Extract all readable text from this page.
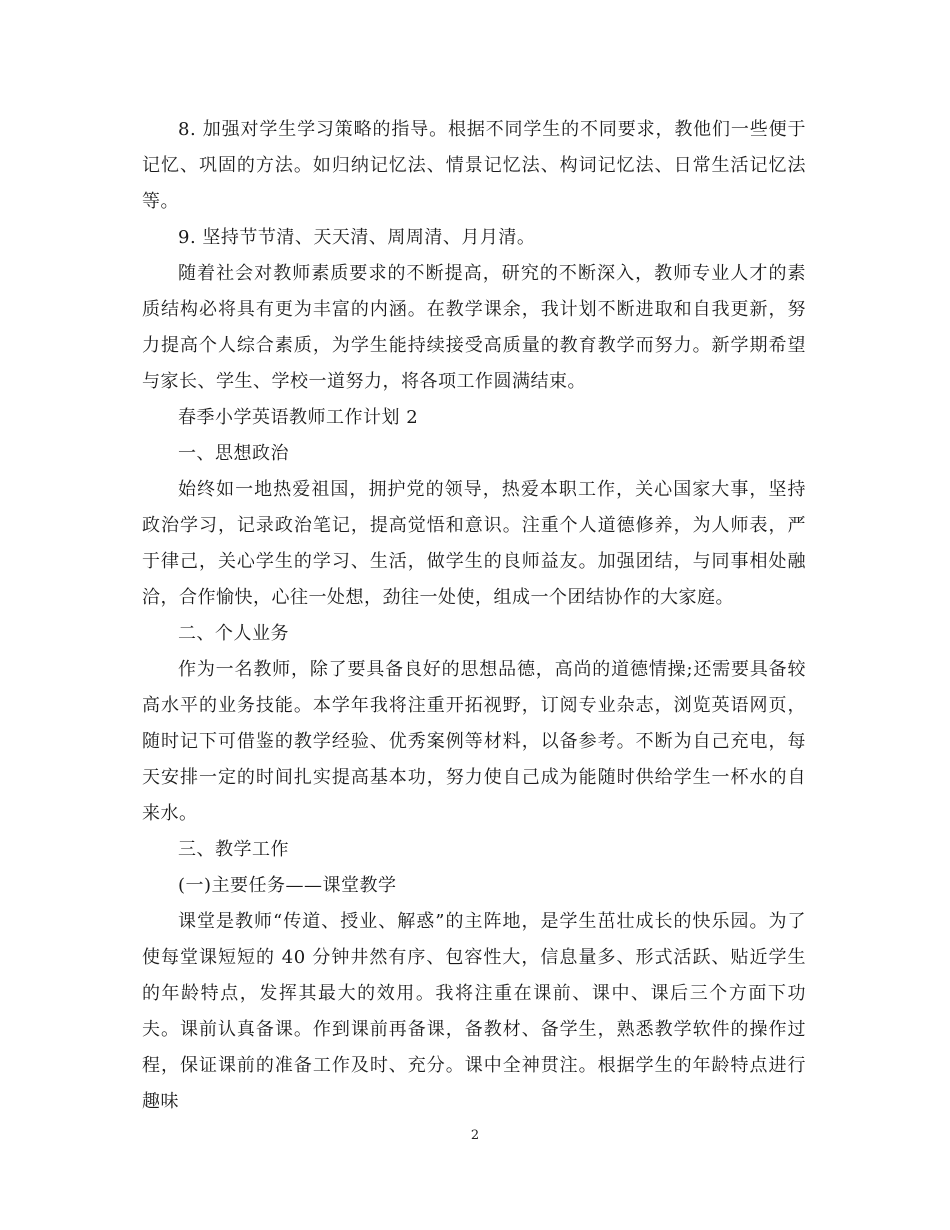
8. 加强对学生学习策略的指导。根据不同学生的不同要求，教他们一些便于记忆、巩固的方法。如归纳记忆法、情景记忆法、构词记忆法、日常生活记忆法等。

9. 坚持节节清、天天清、周周清、月月清。

随着社会对教师素质要求的不断提高，研究的不断深入，教师专业人才的素质结构必将具有更为丰富的内涵。在教学课余，我计划不断进取和自我更新，努力提高个人综合素质，为学生能持续接受高质量的教育教学而努力。新学期希望与家长、学生、学校一道努力，将各项工作圆满结束。

春季小学英语教师工作计划 2

一、思想政治

始终如一地热爱祖国，拥护党的领导，热爱本职工作，关心国家大事，坚持政治学习，记录政治笔记，提高觉悟和意识。注重个人道德修养，为人师表，严于律己，关心学生的学习、生活，做学生的良师益友。加强团结，与同事相处融洽，合作愉快，心往一处想，劲往一处使，组成一个团结协作的大家庭。

二、个人业务

作为一名教师，除了要具备良好的思想品德，高尚的道德情操;还需要具备较高水平的业务技能。本学年我将注重开拓视野，订阅专业杂志，浏览英语网页，随时记下可借鉴的教学经验、优秀案例等材料，以备参考。不断为自己充电，每天安排一定的时间扎实提高基本功，努力使自己成为能随时供给学生一杯水的自来水。

三、教学工作

(一)主要任务——课堂教学

课堂是教师“传道、授业、解惑”的主阵地，是学生茁壮成长的快乐园。为了使每堂课短短的 40 分钟井然有序、包容性大，信息量多、形式活跃、贴近学生的年龄特点，发挥其最大的效用。我将注重在课前、课中、课后三个方面下功夫。课前认真备课。作到课前再备课，备教材、备学生，熟悉教学软件的操作过程，保证课前的准备工作及时、充分。课中全神贯注。根据学生的年龄特点进行趣味

2
